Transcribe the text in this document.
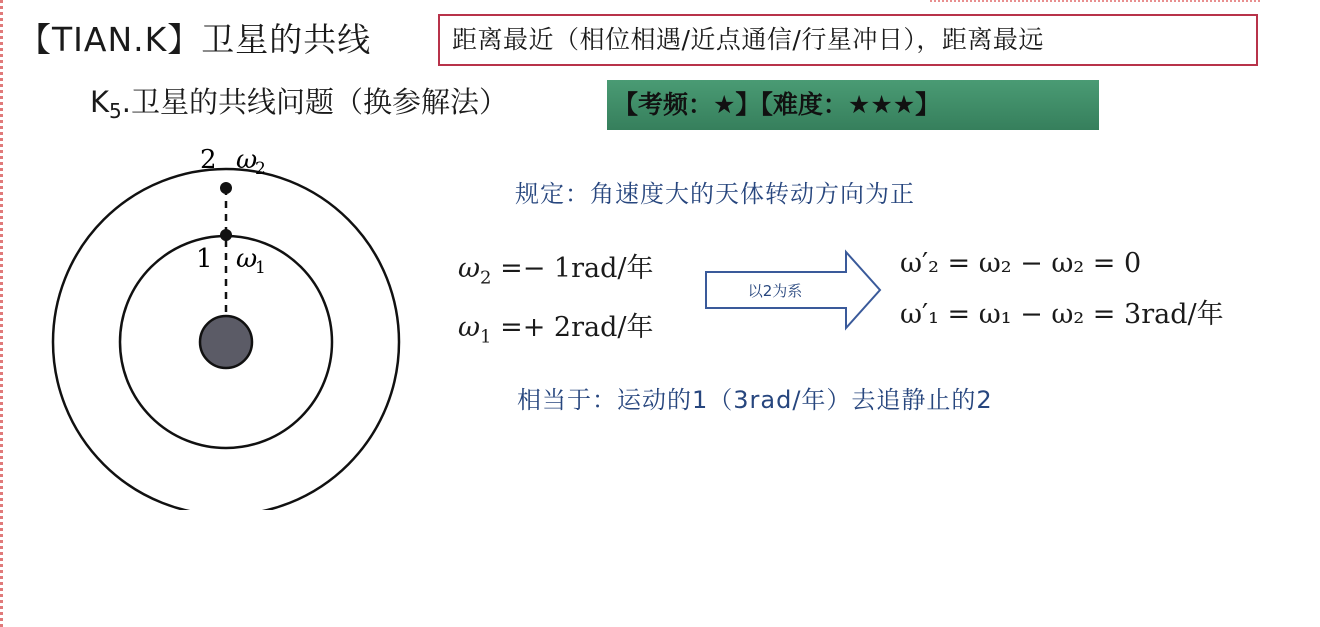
【TIAN.K】卫星的共线	距离最近（相位相遇/近点通信/行星冲日），距离最远
$K_5$.卫星的共线问题（换参解法）	【考频：★】【难度：★★★】
2 ω
2
1 ω
1
规定：角速度大的天体转动方向为正
$\omega_2 =- 1rad/$年
$\omega_1 =+ 2rad/$年
以2为系
ω′₂ = ω₂ − ω₂ = 0
ω′₁ = ω₁ − ω₂ = 3rad/年
相当于：运动的1（3rad/年）去追静止的2
